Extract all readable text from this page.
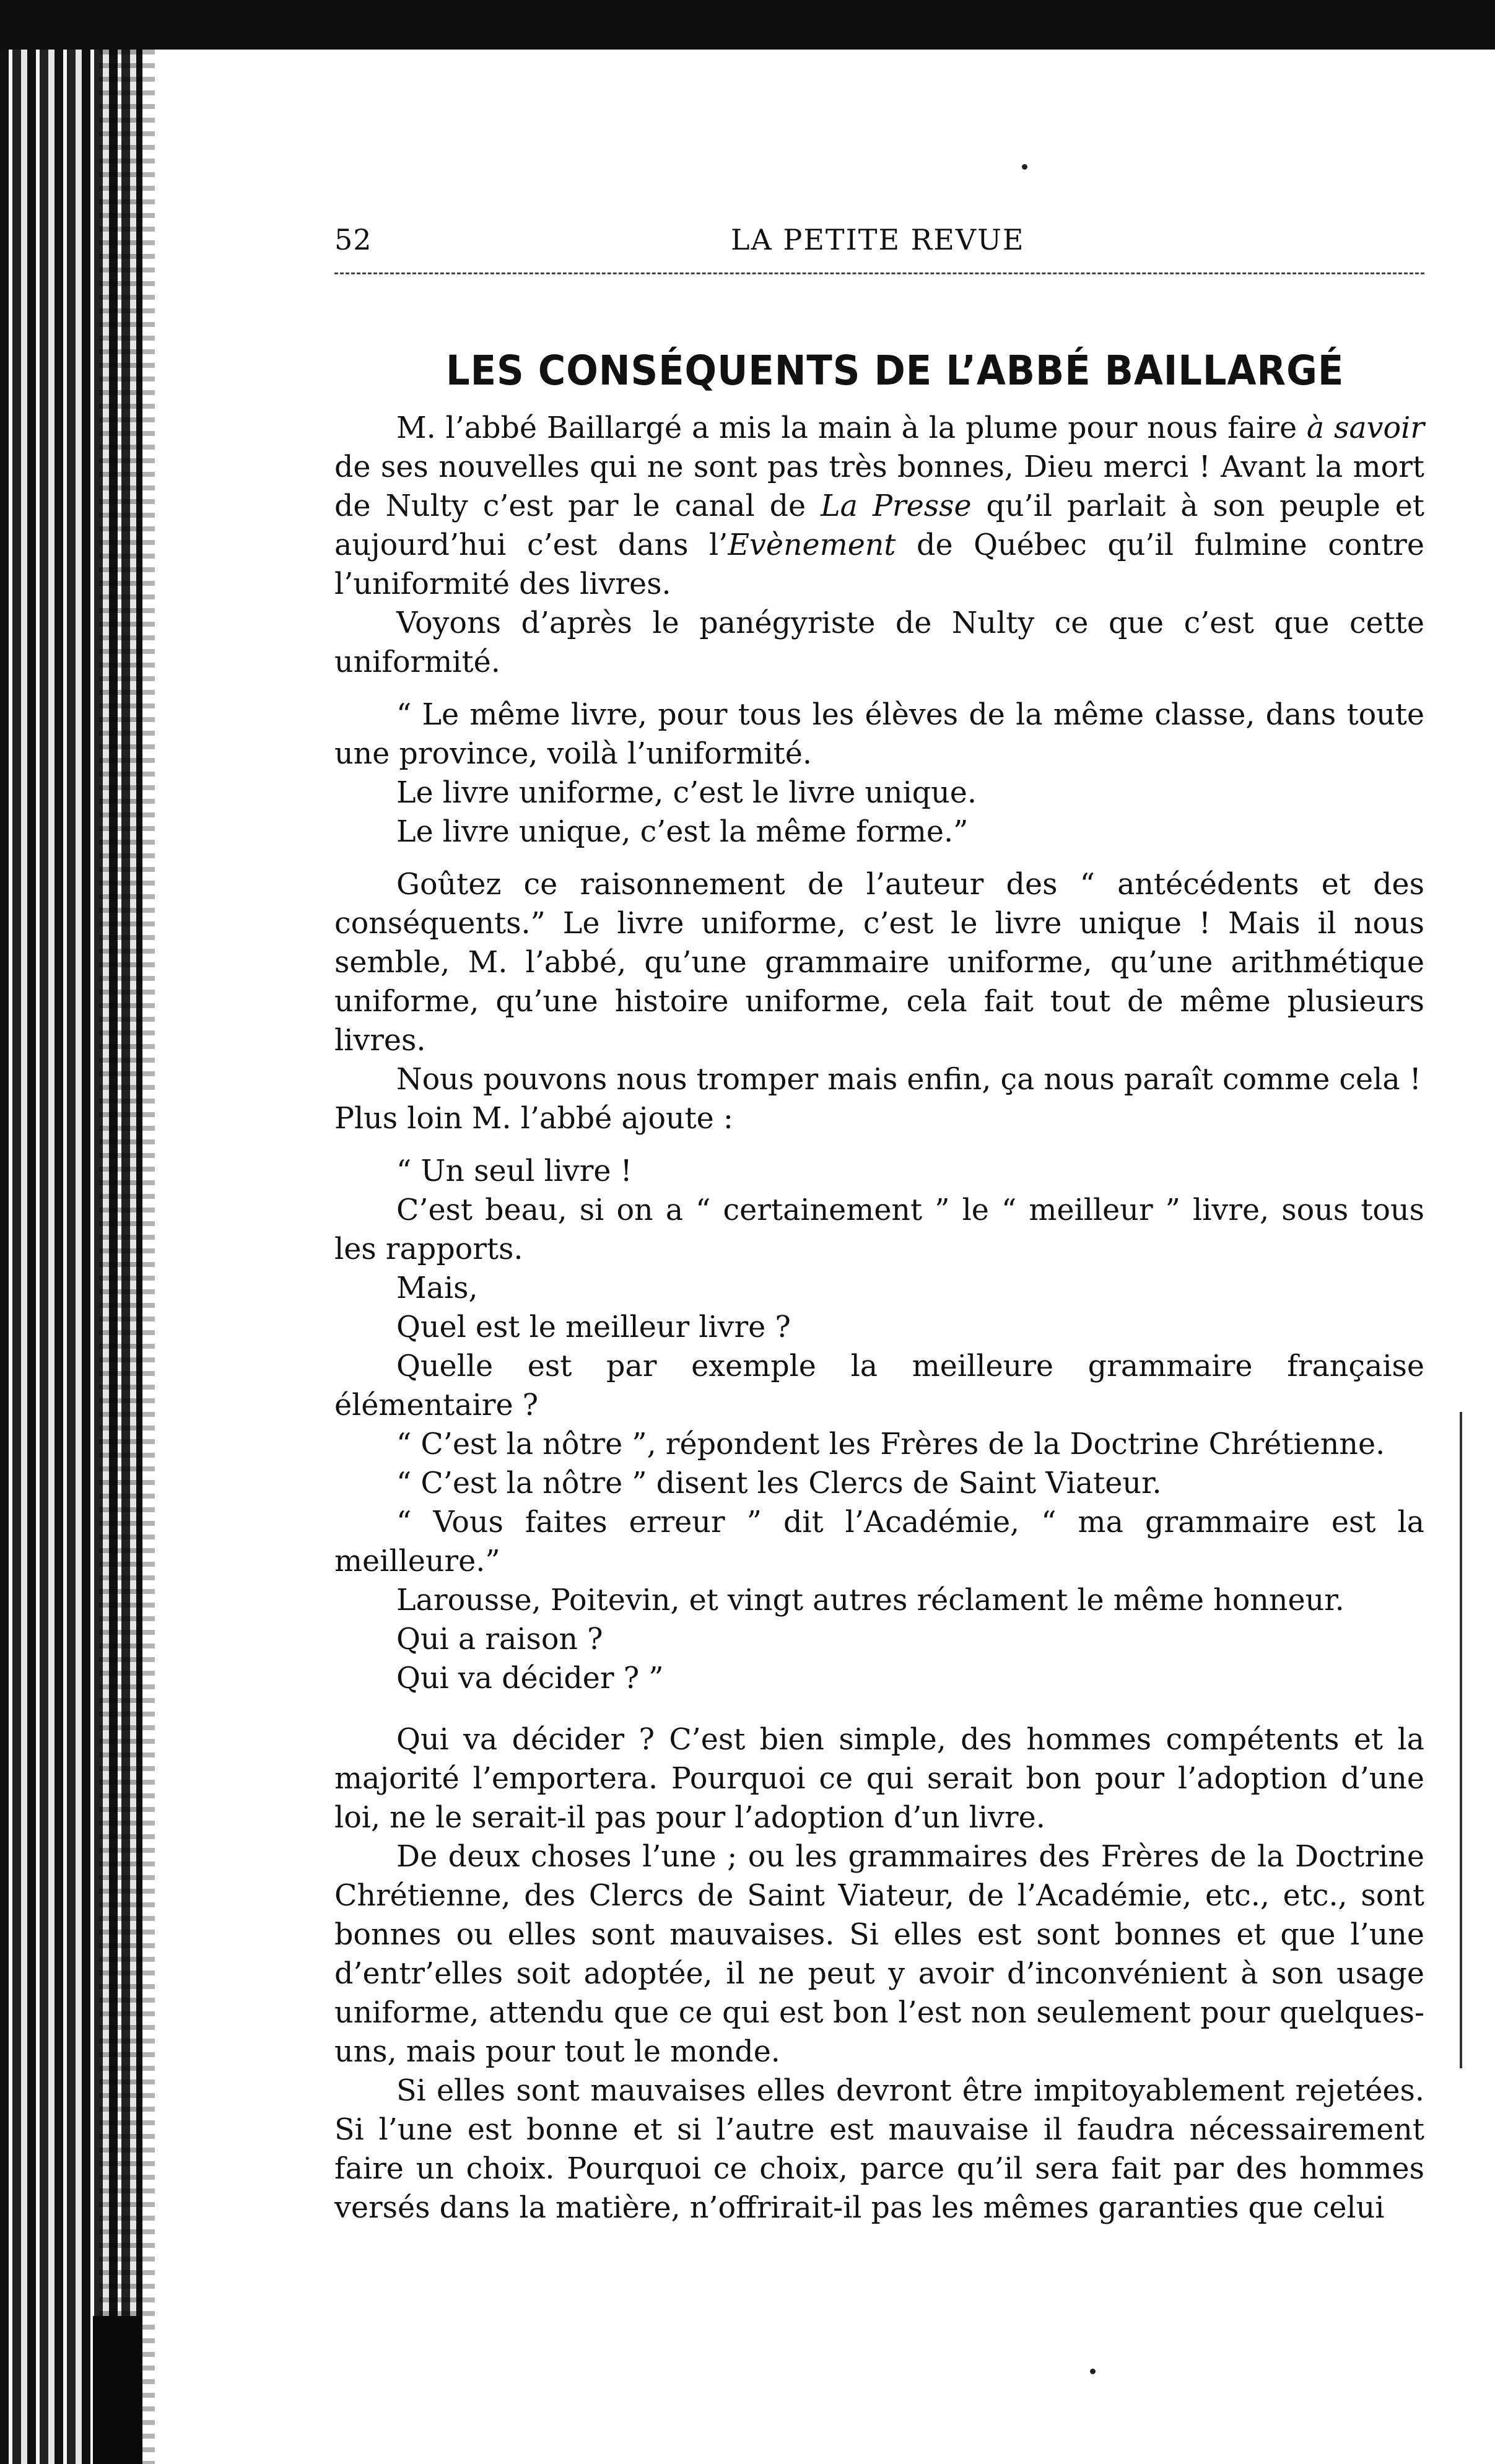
52	LA PETITE REVUE
LES CONSÉQUENTS DE L’ABBÉ BAILLARGÉ

M. l’abbé Baillargé a mis la main à la plume pour nous faire à savoir de ses nouvelles qui ne sont pas très bonnes, Dieu merci ! Avant la mort de Nulty c’est par le canal de La Presse qu’il parlait à son peuple et aujourd’hui c’est dans l’Evènement de Québec qu’il fulmine contre l’uniformité des livres.

Voyons d’après le panégyriste de Nulty ce que c’est que cette uniformité.

“ Le même livre, pour tous les élèves de la même classe, dans toute une province, voilà l’uniformité.

Le livre uniforme, c’est le livre unique.

Le livre unique, c’est la même forme.”

Goûtez ce raisonnement de l’auteur des “ antécédents et des conséquents.” Le livre uniforme, c’est le livre unique ! Mais il nous semble, M. l’abbé, qu’une grammaire uniforme, qu’une arithmétique uniforme, qu’une histoire uniforme, cela fait tout de même plusieurs livres.

Nous pouvons nous tromper mais enfin, ça nous paraît comme cela !

Plus loin M. l’abbé ajoute :

“ Un seul livre !

C’est beau, si on a “ certainement ” le “ meilleur ” livre, sous tous les rapports.

Mais,

Quel est le meilleur livre ?

Quelle est par exemple la meilleure grammaire française élémentaire ?

“ C’est la nôtre ”, répondent les Frères de la Doctrine Chrétienne.

“ C’est la nôtre ” disent les Clercs de Saint Viateur.

“ Vous faites erreur ” dit l’Académie, “ ma grammaire est la meilleure.”

Larousse, Poitevin, et vingt autres réclament le même honneur.

Qui a raison ?

Qui va décider ? ”

Qui va décider ? C’est bien simple, des hommes compétents et la majorité l’emportera. Pourquoi ce qui serait bon pour l’adoption d’une loi, ne le serait-il pas pour l’adoption d’un livre.

De deux choses l’une ; ou les grammaires des Frères de la Doctrine Chrétienne, des Clercs de Saint Viateur, de l’Académie, etc., etc., sont bonnes ou elles sont mauvaises. Si elles est sont bonnes et que l’une d’entr’elles soit adoptée, il ne peut y avoir d’inconvénient à son usage uniforme, attendu que ce qui est bon l’est non seulement pour quelques-uns, mais pour tout le monde.

Si elles sont mauvaises elles devront être impitoyablement rejetées. Si l’une est bonne et si l’autre est mauvaise il faudra nécessairement faire un choix. Pourquoi ce choix, parce qu’il sera fait par des hommes versés dans la matière, n’offrirait-il pas les mêmes garanties que celui
